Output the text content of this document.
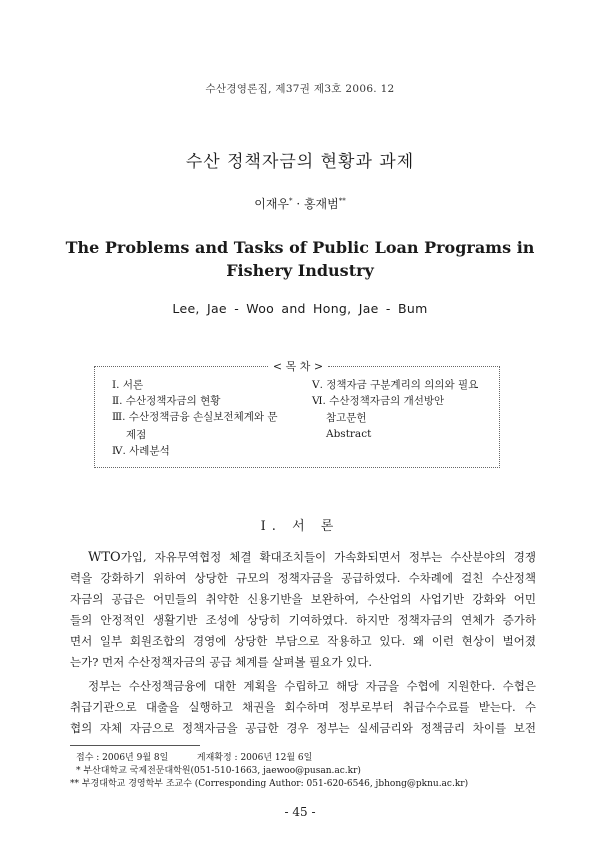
수산경영론집, 제37권 제3호 2006. 12
수산 정책자금의 현황과 과제
이재우* · 홍재범**
The Problems and Tasks of Public Loan Programs in
Fishery Industry
Lee, Jae - Woo and Hong, Jae - Bum
< 목 차 >
Ⅰ. 서론
Ⅱ. 수산정책자금의 현황
Ⅲ. 수산정책금융 손실보전체계와 문
제점
Ⅳ. 사례분석
Ⅴ. 정책자금 구분계리의 의의와 필요
Ⅵ. 수산정책자금의 개선방안
참고문헌
Abstract
Ⅰ. 서 론
WTO가입, 자유무역협정 체결 확대조치들이 가속화되면서 정부는 수산분야의 경쟁
력을 강화하기 위하여 상당한 규모의 정책자금을 공급하였다. 수차례에 걸친 수산정책
자금의 공급은 어민들의 취약한 신용기반을 보완하여, 수산업의 사업기반 강화와 어민
들의 안정적인 생활기반 조성에 상당히 기여하였다. 하지만 정책자금의 연체가 증가하
면서 일부 회원조합의 경영에 상당한 부담으로 작용하고 있다. 왜 이런 현상이 벌어졌
는가? 먼저 수산정책자금의 공급 체계를 살펴볼 필요가 있다.
정부는 수산정책금융에 대한 계획을 수립하고 해당 자금을 수협에 지원한다. 수협은
취급기관으로 대출을 실행하고 채권을 회수하며 정부로부터 취급수수료를 받는다. 수
협의 자체 자금으로 정책자금을 공급한 경우 정부는 실세금리와 정책금리 차이를 보전
접수 : 2006년 9월 8일          게재확정 : 2006년 12월 6일
* 부산대학교 국제전문대학원(051-510-1663, jaewoo@pusan.ac.kr)
** 부경대학교 경영학부 조교수 (Corresponding Author: 051-620-6546, jbhong@pknu.ac.kr)
- 45 -
